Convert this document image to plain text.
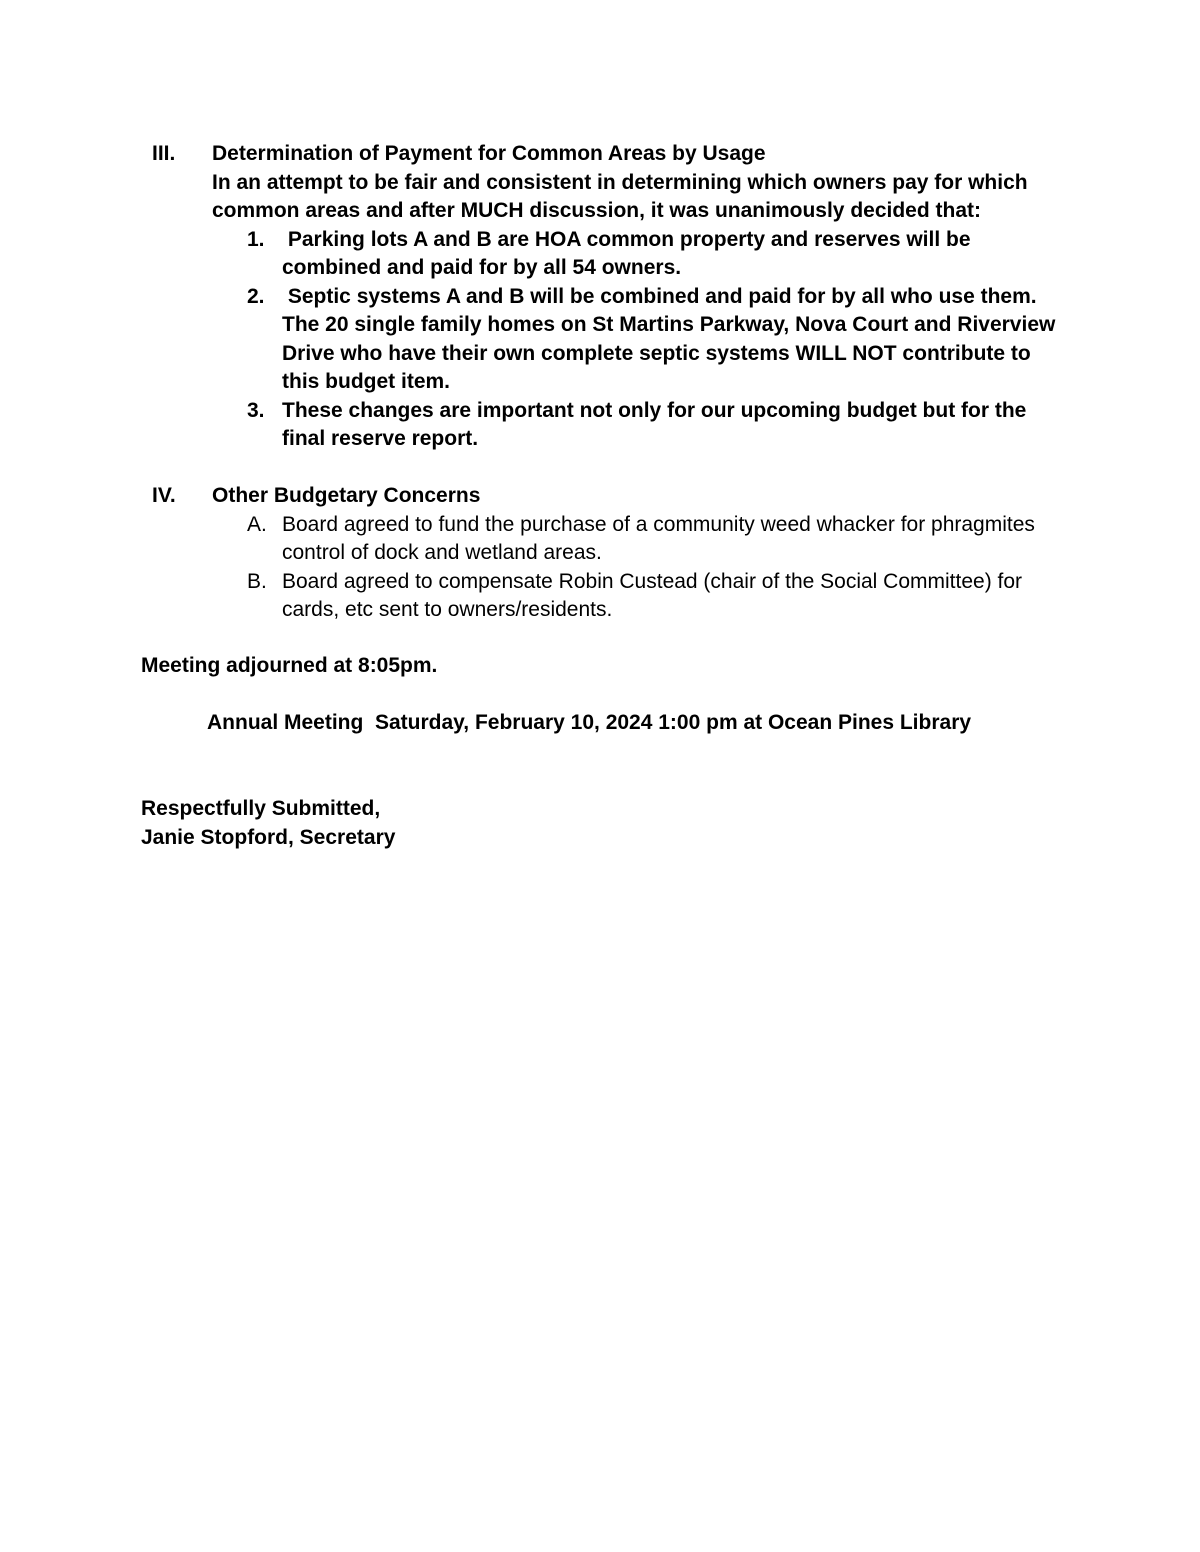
III. Determination of Payment for Common Areas by Usage
In an attempt to be fair and consistent in determining which owners pay for which common areas and after MUCH discussion, it was unanimously decided that:
1. Parking lots A and B are HOA common property and reserves will be combined and paid for by all 54 owners.
2. Septic systems A and B will be combined and paid for by all who use them. The 20 single family homes on St Martins Parkway, Nova Court and Riverview Drive who have their own complete septic systems WILL NOT contribute to this budget item.
3. These changes are important not only for our upcoming budget but for the final reserve report.
IV. Other Budgetary Concerns
A. Board agreed to fund the purchase of a community weed whacker for phragmites control of dock and wetland areas.
B. Board agreed to compensate Robin Custead (chair of the Social Committee) for cards, etc sent to owners/residents.
Meeting adjourned at 8:05pm.
Annual Meeting  Saturday, February 10, 2024 1:00 pm at Ocean Pines Library
Respectfully Submitted,
Janie Stopford, Secretary
